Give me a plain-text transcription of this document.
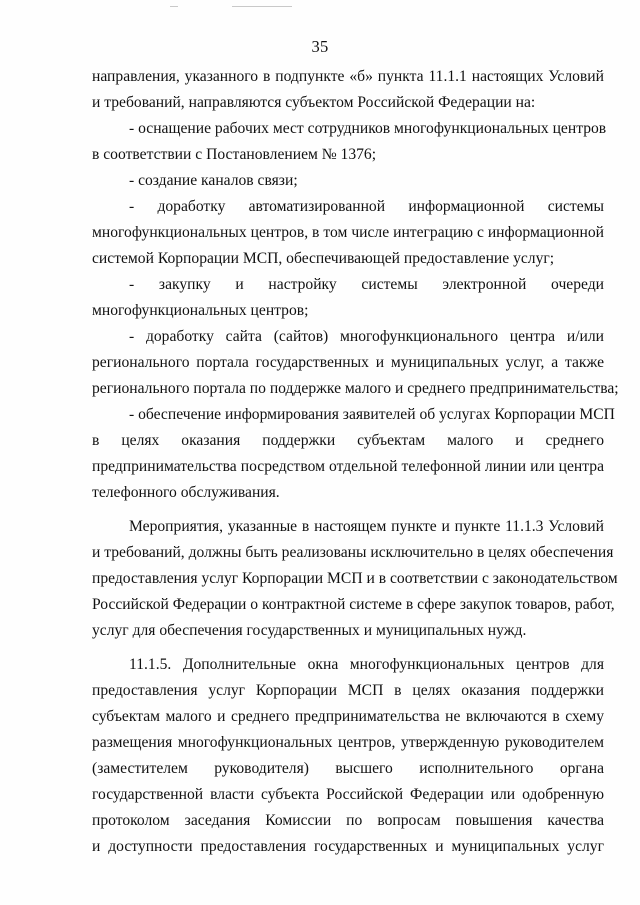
35
направления, указанного в подпункте «б» пункта 11.1.1 настоящих Условий
и требований, направляются субъектом Российской Федерации на:
- оснащение рабочих мест сотрудников многофункциональных центров
в соответствии с Постановлением № 1376;
- создание каналов связи;
- доработку автоматизированной информационной системы
многофункциональных центров, в том числе интеграцию с информационной
системой Корпорации МСП, обеспечивающей предоставление услуг;
- закупку и настройку системы электронной очереди
многофункциональных центров;
- доработку сайта (сайтов) многофункционального центра и/или
регионального портала государственных и муниципальных услуг, а также
регионального портала по поддержке малого и среднего предпринимательства;
- обеспечение информирования заявителей об услугах Корпорации МСП
в целях оказания поддержки субъектам малого и среднего
предпринимательства посредством отдельной телефонной линии или центра
телефонного обслуживания.
Мероприятия, указанные в настоящем пункте и пункте 11.1.3 Условий
и требований, должны быть реализованы исключительно в целях обеспечения
предоставления услуг Корпорации МСП и в соответствии с законодательством
Российской Федерации о контрактной системе в сфере закупок товаров, работ,
услуг для обеспечения государственных и муниципальных нужд.
11.1.5. Дополнительные окна многофункциональных центров для
предоставления услуг Корпорации МСП в целях оказания поддержки
субъектам малого и среднего предпринимательства не включаются в схему
размещения многофункциональных центров, утвержденную руководителем
(заместителем руководителя) высшего исполнительного органа
государственной власти субъекта Российской Федерации или одобренную
протоколом заседания Комиссии по вопросам повышения качества
и доступности предоставления государственных и муниципальных услуг
